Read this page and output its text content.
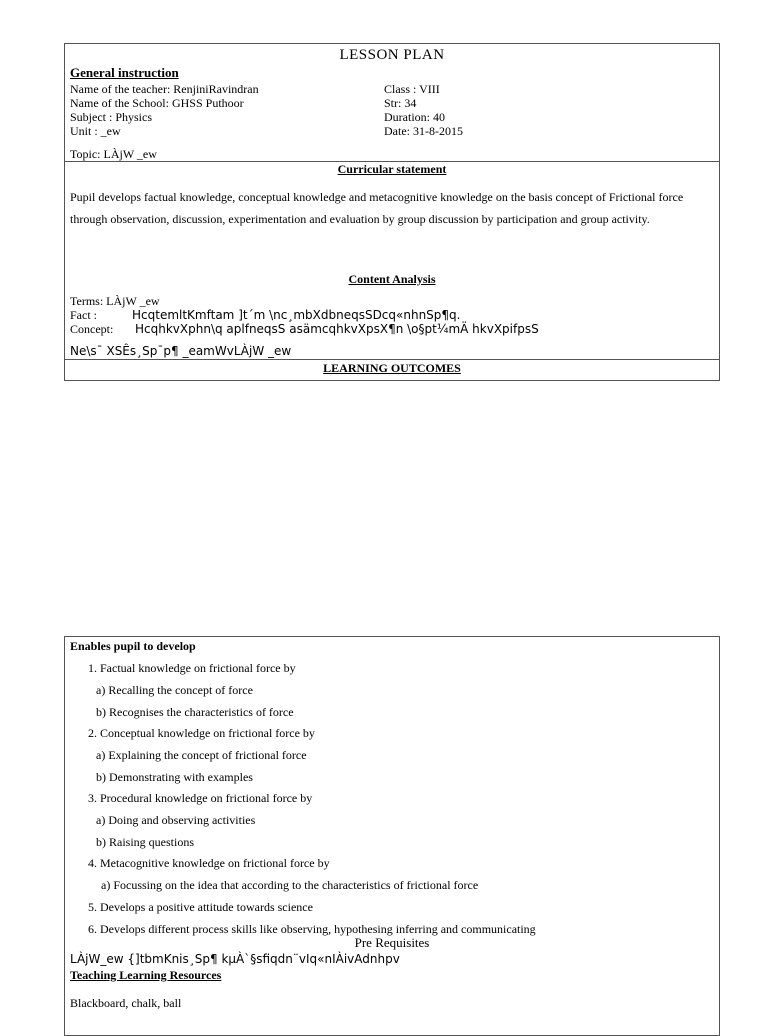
LESSON PLAN
General instruction
Name of the teacher: RenjiniRavindran
Name of the School: GHSS Puthoor
Subject : Physics
Unit : _ew
Class : VIII
Str: 34
Duration: 40
Date: 31-8-2015
Topic: LÀjW _ew
Curricular statement
Pupil develops factual knowledge, conceptual knowledge and metacognitive knowledge on the basis concept of Frictional force
through observation, discussion, experimentation and evaluation by group discussion by participation and group activity.
Content Analysis
Terms: LÀjW _ew
Fact :	HcqtemltKmftam ]t´m \nc¸mbXdbneqsSDcq«nhnSp¶q.
Concept: HcqhkvXphn\q aplfneqsS asämcqhkvXpsX¶n \o§pt¼mÄ hkvXpifpsS
Ne\s¯ XSÊs¸Sp¯p¶ _eamWvLÀjW _ew
LEARNING OUTCOMES
Enables pupil to develop
1. Factual knowledge on frictional force by
a) Recalling the concept of force
b) Recognises the characteristics of force
2. Conceptual knowledge on frictional force by
a) Explaining the concept of frictional force
b) Demonstrating with examples
3. Procedural knowledge on frictional force by
a) Doing and observing activities
b) Raising questions
4. Metacognitive knowledge on frictional force by
a) Focussing on the idea that according to the characteristics of frictional force
5. Develops a positive attitude towards science
6. Develops different process skills like observing, hypothesing inferring and communicating
Pre Requisites
LÀjW_ew {]tbmKnis¸Sp¶ kµÀ`§sfiqdn¨vIq«nIÀivAdnhpv
Teaching Learning Resources
Blackboard, chalk, ball
